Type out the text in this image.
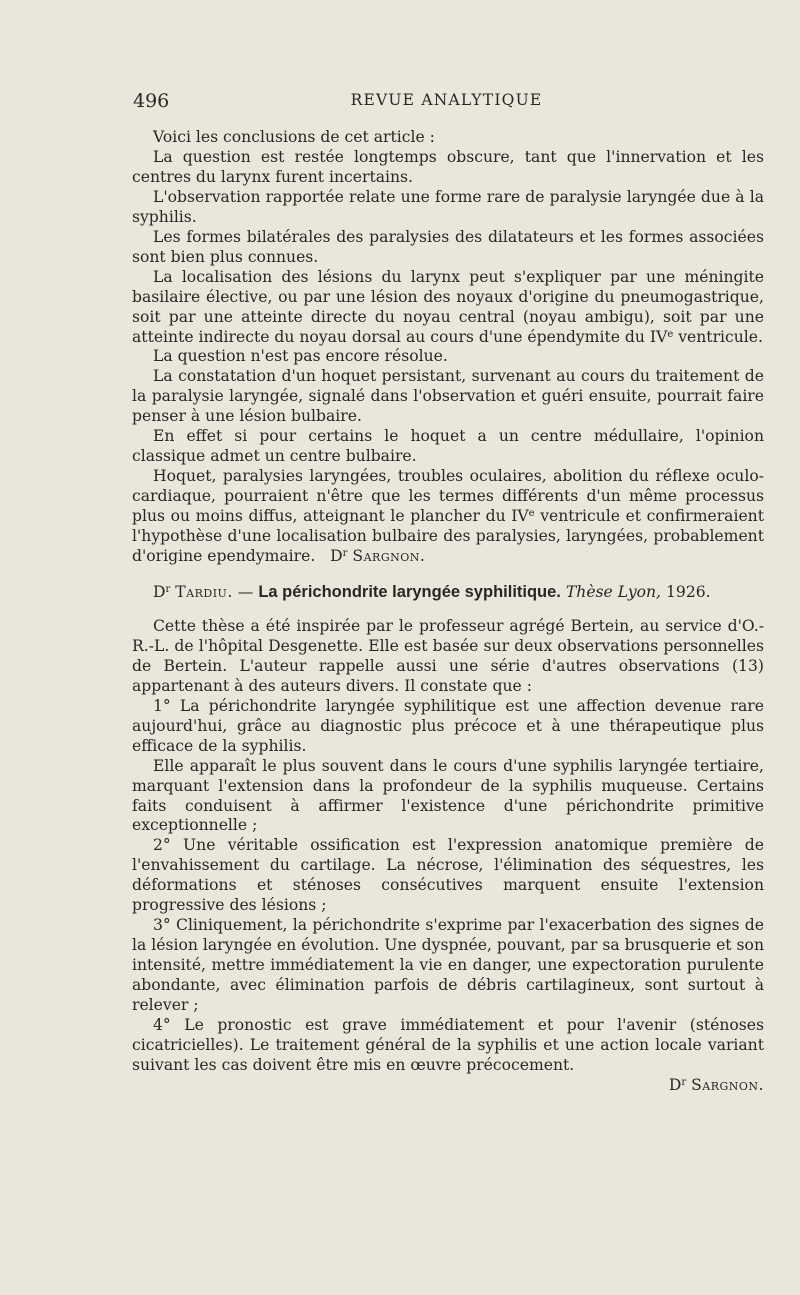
496	REVUE ANALYTIQUE

Voici les conclusions de cet article :

La question est restée longtemps obscure, tant que l'innervation et les centres du larynx furent incertains.

L'observation rapportée relate une forme rare de paralysie laryngée due à la syphilis.

Les formes bilatérales des paralysies des dilatateurs et les formes associées sont bien plus connues.

La localisation des lésions du larynx peut s'expliquer par une méningite basilaire élective, ou par une lésion des noyaux d'origine du pneumogastrique, soit par une atteinte directe du noyau central (noyau ambigu), soit par une atteinte indirecte du noyau dorsal au cours d'une épendymite du IVe ventricule.

La question n'est pas encore résolue.

La constatation d'un hoquet persistant, survenant au cours du traitement de la paralysie laryngée, signalé dans l'observation et guéri ensuite, pourrait faire penser à une lésion bulbaire.

En effet si pour certains le hoquet a un centre médullaire, l'opinion classique admet un centre bulbaire.

Hoquet, paralysies laryngées, troubles oculaires, abolition du réflexe oculo-cardiaque, pourraient n'être que les termes différents d'un même processus plus ou moins diffus, atteignant le plancher du IVe ventricule et confirmeraient l'hypothèse d'une localisation bulbaire des paralysies, laryngées, probablement d'origine ependymaire. $D^r$ Sargnon.

$D^r$ Tardiu. — La périchondrite laryngée syphilitique. Thèse Lyon, 1926.

Cette thèse a été inspirée par le professeur agrégé Bertein, au service d'O.-R.-L. de l'hôpital Desgenette. Elle est basée sur deux observations personnelles de Bertein. L'auteur rappelle aussi une série d'autres observations (13) appartenant à des auteurs divers. Il constate que :

1° La périchondrite laryngée syphilitique est une affection devenue rare aujourd'hui, grâce au diagnostic plus précoce et à une thérapeutique plus efficace de la syphilis.

Elle apparaît le plus souvent dans le cours d'une syphilis laryngée tertiaire, marquant l'extension dans la profondeur de la syphilis muqueuse. Certains faits conduisent à affirmer l'existence d'une périchondrite primitive exceptionnelle ;

2° Une véritable ossification est l'expression anatomique première de l'envahissement du cartilage. La nécrose, l'élimination des séquestres, les déformations et sténoses consécutives marquent ensuite l'extension progressive des lésions ;

3° Cliniquement, la périchondrite s'exprime par l'exacerbation des signes de la lésion laryngée en évolution. Une dyspnée, pouvant, par sa brusquerie et son intensité, mettre immédiatement la vie en danger, une expectoration purulente abondante, avec élimination parfois de débris cartilagineux, sont surtout à relever ;

4° Le pronostic est grave immédiatement et pour l'avenir (sténoses cicatricielles). Le traitement général de la syphilis et une action locale variant suivant les cas doivent être mis en œuvre précocement.

$D^r$ Sargnon.
